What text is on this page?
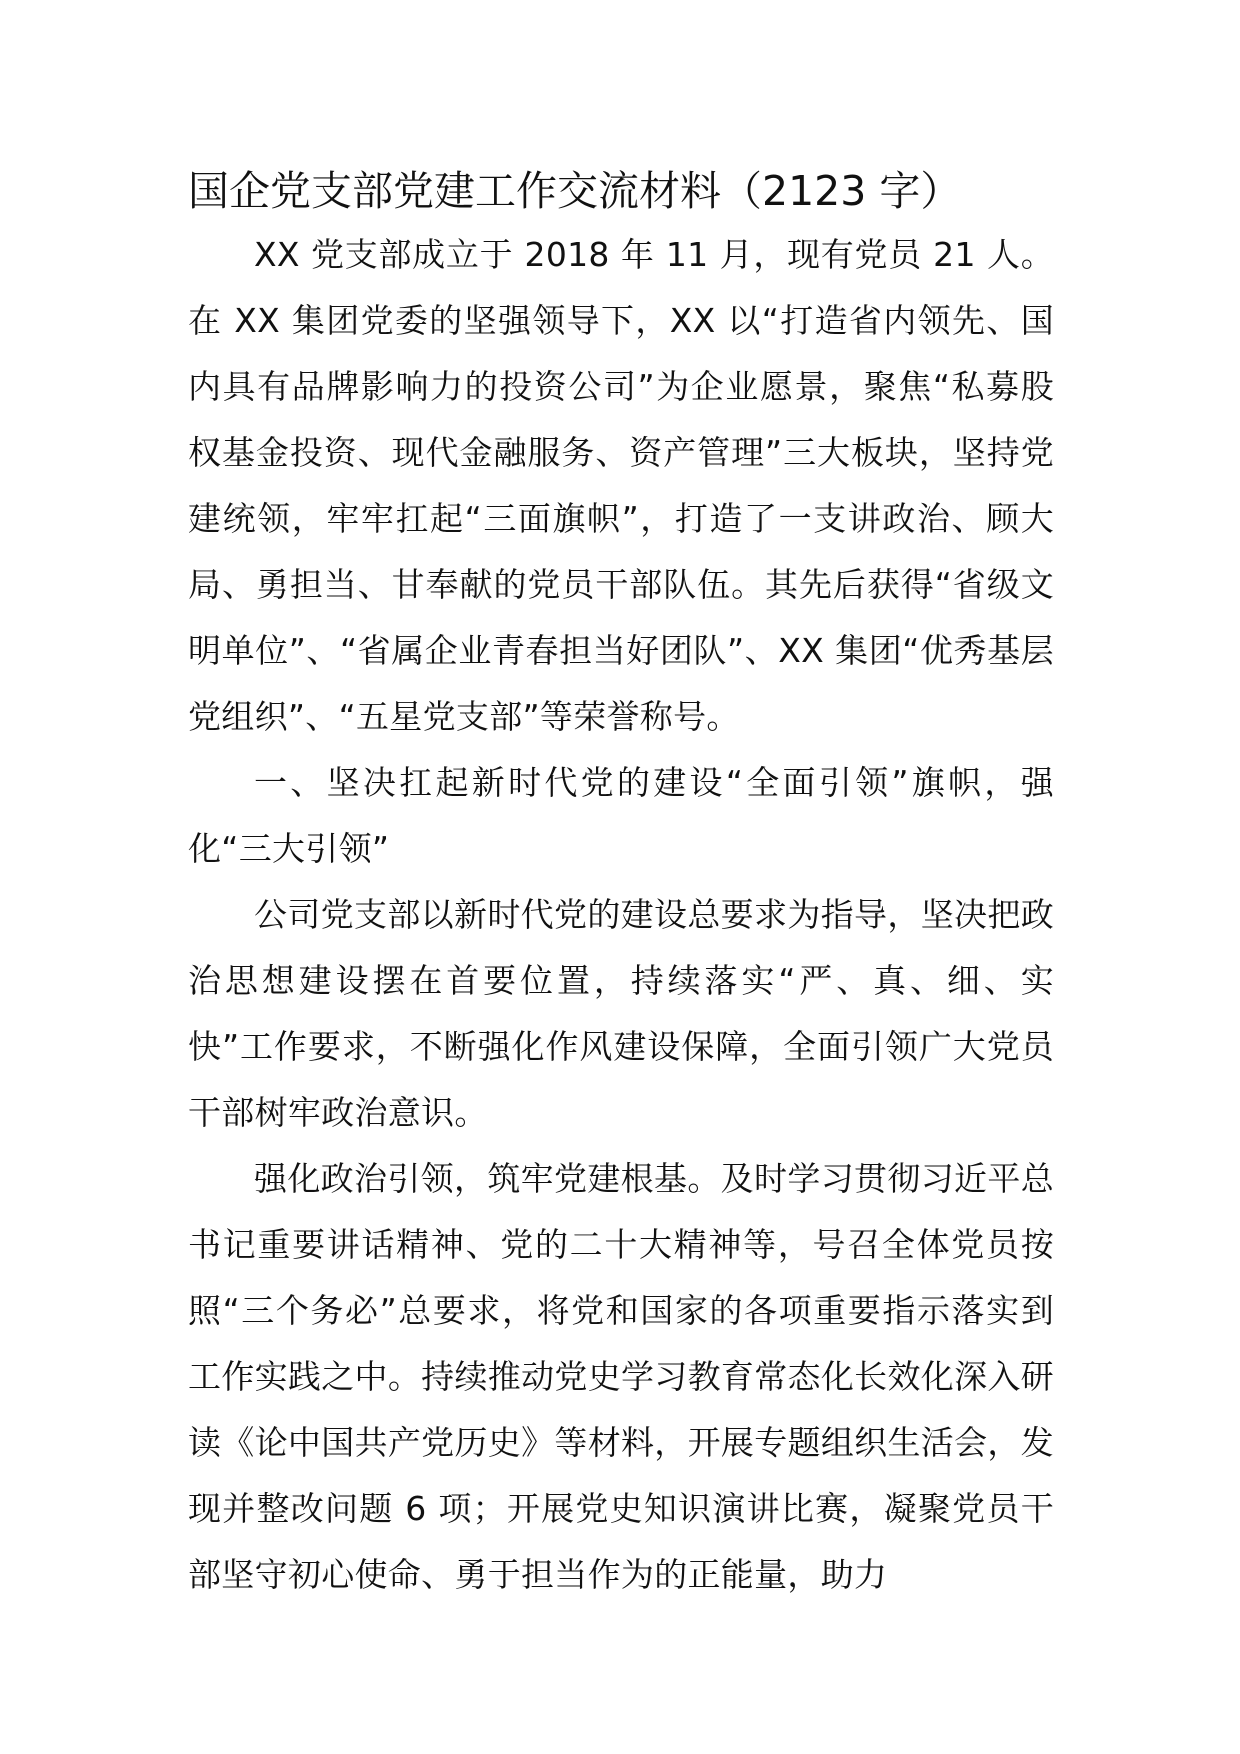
国企党支部党建工作交流材料（2123 字）

XX 党支部成立于 2018 年 11 月，现有党员 21 人。在 XX 集团党委的坚强领导下，XX 以“打造省内领先、国内具有品牌影响力的投资公司”为企业愿景，聚焦“私募股权基金投资、现代金融服务、资产管理”三大板块，坚持党建统领，牢牢扛起“三面旗帜”，打造了一支讲政治、顾大局、勇担当、甘奉献的党员干部队伍。其先后获得“省级文明单位”、“省属企业青春担当好团队”、XX 集团“优秀基层党组织”、“五星党支部”等荣誉称号。

一、坚决扛起新时代党的建设“全面引领”旗帜，强化“三大引领”

公司党支部以新时代党的建设总要求为指导，坚决把政治思想建设摆在首要位置，持续落实“严、真、细、实快”工作要求，不断强化作风建设保障，全面引领广大党员干部树牢政治意识。

强化政治引领，筑牢党建根基。及时学习贯彻习近平总书记重要讲话精神、党的二十大精神等，号召全体党员按照“三个务必”总要求，将党和国家的各项重要指示落实到工作实践之中。持续推动党史学习教育常态化长效化深入研读《论中国共产党历史》等材料，开展专题组织生活会，发现并整改问题 6 项；开展党史知识演讲比赛，凝聚党员干部坚守初心使命、勇于担当作为的正能量，助力
